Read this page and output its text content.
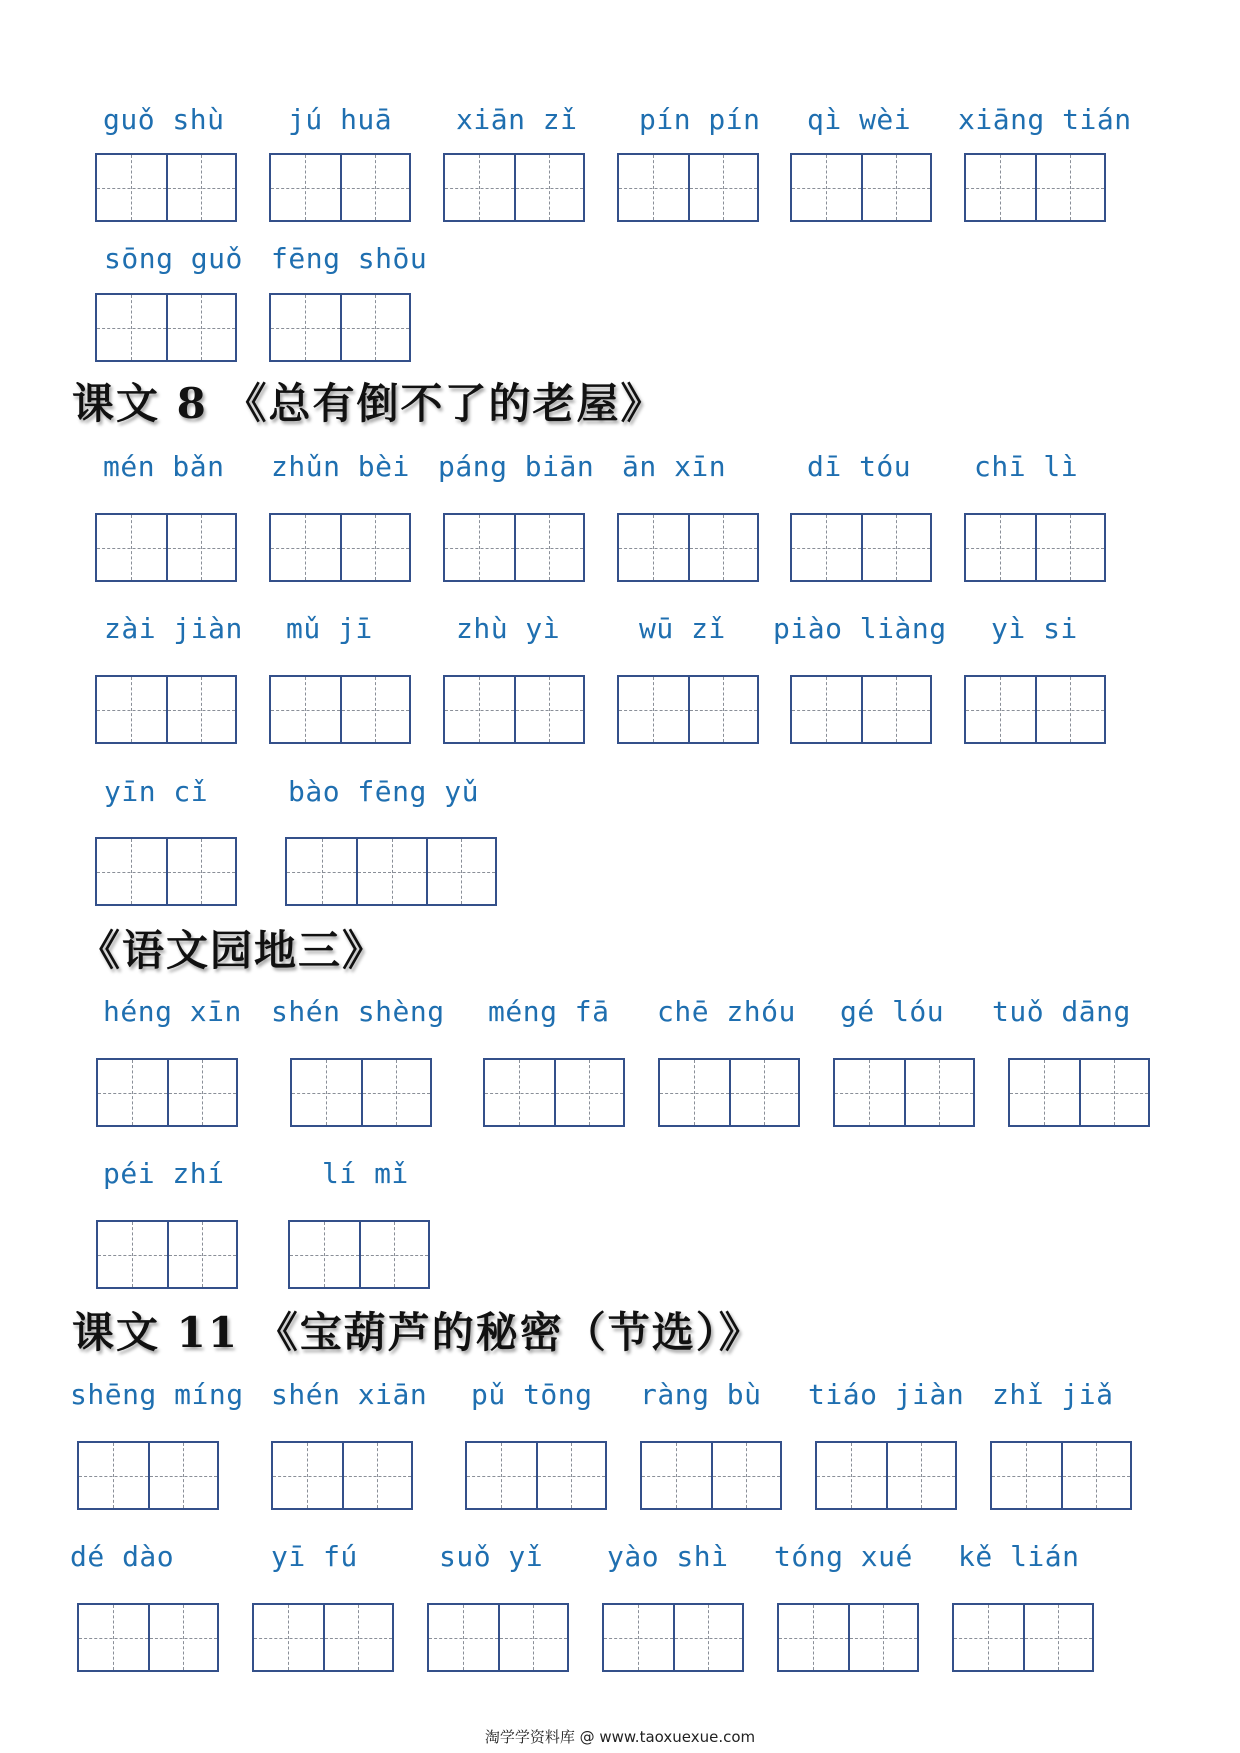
guǒ shù jú huā xiān zǐ pín pín qì wèi xiāng tián
sōng guǒ fēng shōu
课文 8 《总有倒不了的老屋》
mén bǎn zhǔn bèi páng biān ān xīn	dī tóu chī lì
zài jiàn mǔ jī	zhù yì	wū zǐ piào liàng yì si
yīn cǐ	bào fēng yǔ
《语文园地三》
héng xīn shén shèng méng fā chē zhóu gé lóu tuǒ dāng
péi zhí	lí mǐ
课文 11 《宝葫芦的秘密（节选）》
shēng míng shén xiān pǔ tōng ràng bù tiáo jiàn zhǐ jiǎ
dé dào	yī fú	suǒ yǐ yào shì tóng xué kě lián
淘学学资料库 @ www.taoxuexue.com
